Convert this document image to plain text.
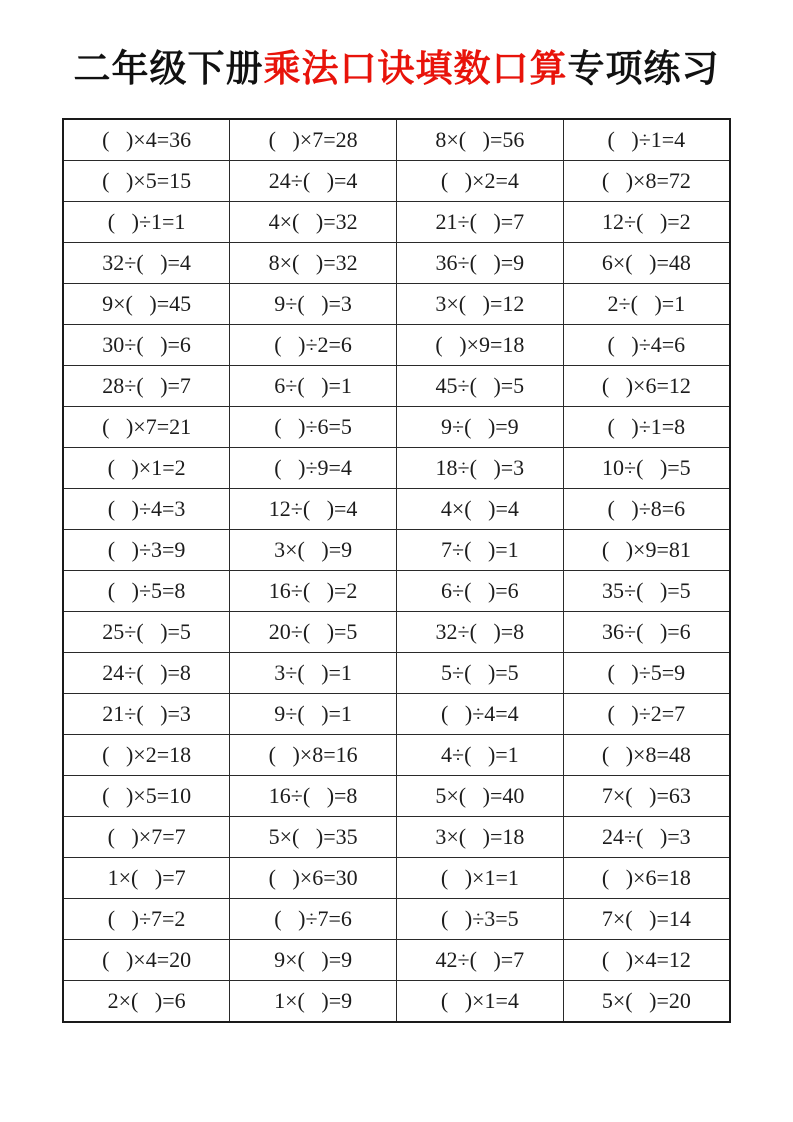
二年级下册乘法口诀填数口算专项练习
(   )×4=36	(   )×7=28	8×(   )=56	(   )÷1=4
(   )×5=15	24÷(   )=4	(   )×2=4	(   )×8=72
(   )÷1=1	4×(   )=32	21÷(   )=7	12÷(   )=2
32÷(   )=4	8×(   )=32	36÷(   )=9	6×(   )=48
9×(   )=45	9÷(   )=3	3×(   )=12	2÷(   )=1
30÷(   )=6	(   )÷2=6	(   )×9=18	(   )÷4=6
28÷(   )=7	6÷(   )=1	45÷(   )=5	(   )×6=12
(   )×7=21	(   )÷6=5	9÷(   )=9	(   )÷1=8
(   )×1=2	(   )÷9=4	18÷(   )=3	10÷(   )=5
(   )÷4=3	12÷(   )=4	4×(   )=4	(   )÷8=6
(   )÷3=9	3×(   )=9	7÷(   )=1	(   )×9=81
(   )÷5=8	16÷(   )=2	6÷(   )=6	35÷(   )=5
25÷(   )=5	20÷(   )=5	32÷(   )=8	36÷(   )=6
24÷(   )=8	3÷(   )=1	5÷(   )=5	(   )÷5=9
21÷(   )=3	9÷(   )=1	(   )÷4=4	(   )÷2=7
(   )×2=18	(   )×8=16	4÷(   )=1	(   )×8=48
(   )×5=10	16÷(   )=8	5×(   )=40	7×(   )=63
(   )×7=7	5×(   )=35	3×(   )=18	24÷(   )=3
1×(   )=7	(   )×6=30	(   )×1=1	(   )×6=18
(   )÷7=2	(   )÷7=6	(   )÷3=5	7×(   )=14
(   )×4=20	9×(   )=9	42÷(   )=7	(   )×4=12
2×(   )=6	1×(   )=9	(   )×1=4	5×(   )=20
